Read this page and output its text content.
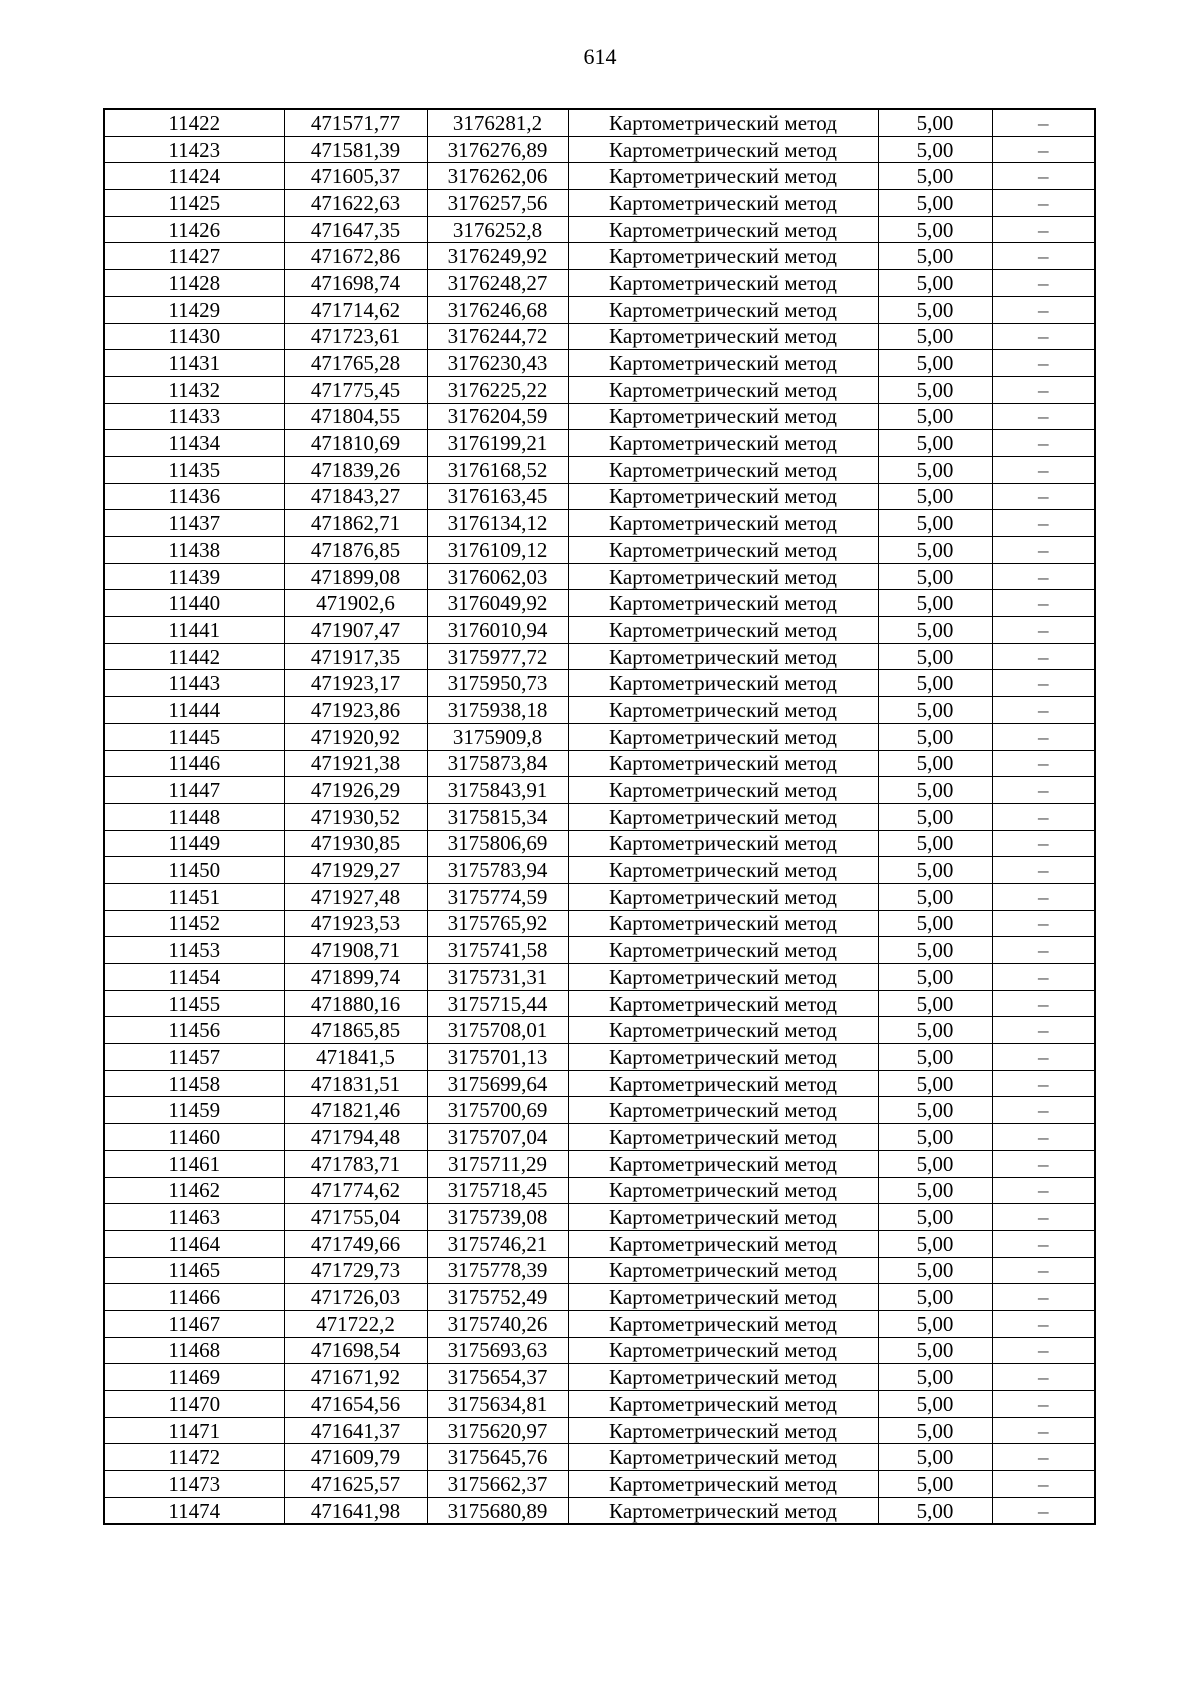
614
11422	471571,77	3176281,2	Картометрический метод	5,00	–
11423	471581,39	3176276,89	Картометрический метод	5,00	–
11424	471605,37	3176262,06	Картометрический метод	5,00	–
11425	471622,63	3176257,56	Картометрический метод	5,00	–
11426	471647,35	3176252,8	Картометрический метод	5,00	–
11427	471672,86	3176249,92	Картометрический метод	5,00	–
11428	471698,74	3176248,27	Картометрический метод	5,00	–
11429	471714,62	3176246,68	Картометрический метод	5,00	–
11430	471723,61	3176244,72	Картометрический метод	5,00	–
11431	471765,28	3176230,43	Картометрический метод	5,00	–
11432	471775,45	3176225,22	Картометрический метод	5,00	–
11433	471804,55	3176204,59	Картометрический метод	5,00	–
11434	471810,69	3176199,21	Картометрический метод	5,00	–
11435	471839,26	3176168,52	Картометрический метод	5,00	–
11436	471843,27	3176163,45	Картометрический метод	5,00	–
11437	471862,71	3176134,12	Картометрический метод	5,00	–
11438	471876,85	3176109,12	Картометрический метод	5,00	–
11439	471899,08	3176062,03	Картометрический метод	5,00	–
11440	471902,6	3176049,92	Картометрический метод	5,00	–
11441	471907,47	3176010,94	Картометрический метод	5,00	–
11442	471917,35	3175977,72	Картометрический метод	5,00	–
11443	471923,17	3175950,73	Картометрический метод	5,00	–
11444	471923,86	3175938,18	Картометрический метод	5,00	–
11445	471920,92	3175909,8	Картометрический метод	5,00	–
11446	471921,38	3175873,84	Картометрический метод	5,00	–
11447	471926,29	3175843,91	Картометрический метод	5,00	–
11448	471930,52	3175815,34	Картометрический метод	5,00	–
11449	471930,85	3175806,69	Картометрический метод	5,00	–
11450	471929,27	3175783,94	Картометрический метод	5,00	–
11451	471927,48	3175774,59	Картометрический метод	5,00	–
11452	471923,53	3175765,92	Картометрический метод	5,00	–
11453	471908,71	3175741,58	Картометрический метод	5,00	–
11454	471899,74	3175731,31	Картометрический метод	5,00	–
11455	471880,16	3175715,44	Картометрический метод	5,00	–
11456	471865,85	3175708,01	Картометрический метод	5,00	–
11457	471841,5	3175701,13	Картометрический метод	5,00	–
11458	471831,51	3175699,64	Картометрический метод	5,00	–
11459	471821,46	3175700,69	Картометрический метод	5,00	–
11460	471794,48	3175707,04	Картометрический метод	5,00	–
11461	471783,71	3175711,29	Картометрический метод	5,00	–
11462	471774,62	3175718,45	Картометрический метод	5,00	–
11463	471755,04	3175739,08	Картометрический метод	5,00	–
11464	471749,66	3175746,21	Картометрический метод	5,00	–
11465	471729,73	3175778,39	Картометрический метод	5,00	–
11466	471726,03	3175752,49	Картометрический метод	5,00	–
11467	471722,2	3175740,26	Картометрический метод	5,00	–
11468	471698,54	3175693,63	Картометрический метод	5,00	–
11469	471671,92	3175654,37	Картометрический метод	5,00	–
11470	471654,56	3175634,81	Картометрический метод	5,00	–
11471	471641,37	3175620,97	Картометрический метод	5,00	–
11472	471609,79	3175645,76	Картометрический метод	5,00	–
11473	471625,57	3175662,37	Картометрический метод	5,00	–
11474	471641,98	3175680,89	Картометрический метод	5,00	–
